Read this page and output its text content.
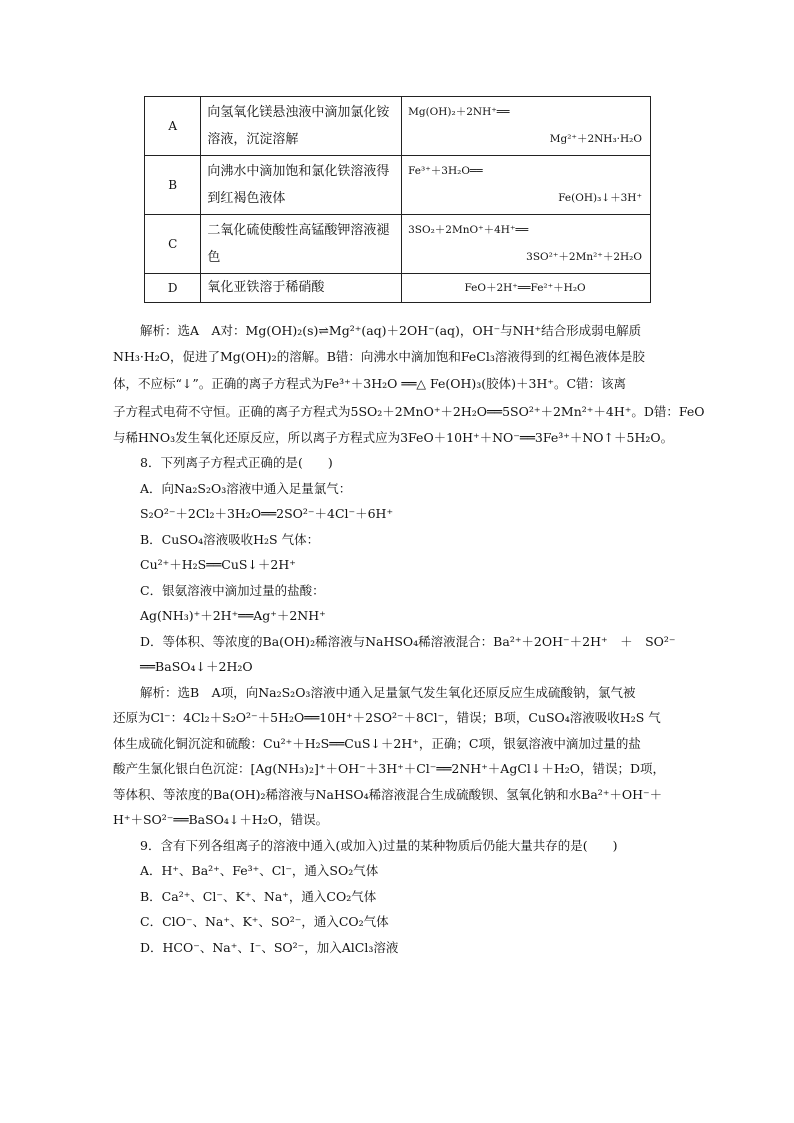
A	向氢氧化镁悬浊液中滴加氯化铵溶液，沉淀溶解	Mg(OH)₂＋2NH⁺══
Mg²⁺＋2NH₃·H₂O

B	向沸水中滴加饱和氯化铁溶液得到红褐色液体	Fe³⁺＋3H₂O══
Fe(OH)₃↓＋3H⁺

C	二氧化硫使酸性高锰酸钾溶液褪色	3SO₂＋2MnO⁺＋4H⁺══
3SO²⁺＋2Mn²⁺＋2H₂O

D	氧化亚铁溶于稀硝酸	FeO＋2H⁺══Fe²⁺＋H₂O
解析：选A　A对：Mg(OH)₂(s)⇌Mg²⁺(aq)＋2OH⁻(aq)，OH⁻与NH⁺结合形成弱电解质
NH₃·H₂O，促进了Mg(OH)₂的溶解。B错：向沸水中滴加饱和FeCl₃溶液得到的红褐色液体是胶
体，不应标“↓”。正确的离子方程式为Fe³⁺＋3H₂O ══△ Fe(OH)₃(胶体)＋3H⁺。C错：该离
子方程式电荷不守恒。正确的离子方程式为5SO₂＋2MnO⁺＋2H₂O══5SO²⁺＋2Mn²⁺＋4H⁺。D错：FeO
与稀HNO₃发生氧化还原反应，所以离子方程式应为3FeO＋10H⁺＋NO⁻══3Fe³⁺＋NO↑＋5H₂O。
8．下列离子方程式正确的是(　　)
A．向Na₂S₂O₃溶液中通入足量氯气：
S₂O²⁻＋2Cl₂＋3H₂O══2SO²⁻＋4Cl⁻＋6H⁺
B．CuSO₄溶液吸收H₂S 气体：
Cu²⁺＋H₂S══CuS↓＋2H⁺
C．银氨溶液中滴加过量的盐酸：
Ag(NH₃)⁺＋2H⁺══Ag⁺＋2NH⁺
D．等体积、等浓度的Ba(OH)₂稀溶液与NaHSO₄稀溶液混合：Ba²⁺＋2OH⁻＋2H⁺　＋　SO²⁻
══BaSO₄↓＋2H₂O
解析：选B　A项，向Na₂S₂O₃溶液中通入足量氯气发生氧化还原反应生成硫酸钠，氯气被
还原为Cl⁻：4Cl₂＋S₂O²⁻＋5H₂O══10H⁺＋2SO²⁻＋8Cl⁻，错误；B项，CuSO₄溶液吸收H₂S 气
体生成硫化铜沉淀和硫酸：Cu²⁺＋H₂S══CuS↓＋2H⁺，正确；C项，银氨溶液中滴加过量的盐
酸产生氯化银白色沉淀：[Ag(NH₃)₂]⁺＋OH⁻＋3H⁺＋Cl⁻══2NH⁺＋AgCl↓＋H₂O，错误；D项，
等体积、等浓度的Ba(OH)₂稀溶液与NaHSO₄稀溶液混合生成硫酸钡、氢氧化钠和水Ba²⁺＋OH⁻＋
H⁺＋SO²⁻══BaSO₄↓＋H₂O，错误。
9．含有下列各组离子的溶液中通入(或加入)过量的某种物质后仍能大量共存的是(　　)
A．H⁺、Ba²⁺、Fe³⁺、Cl⁻，通入SO₂气体
B．Ca²⁺、Cl⁻、K⁺、Na⁺，通入CO₂气体
C．ClO⁻、Na⁺、K⁺、SO²⁻，通入CO₂气体
D．HCO⁻、Na⁺、I⁻、SO²⁻，加入AlCl₃溶液
